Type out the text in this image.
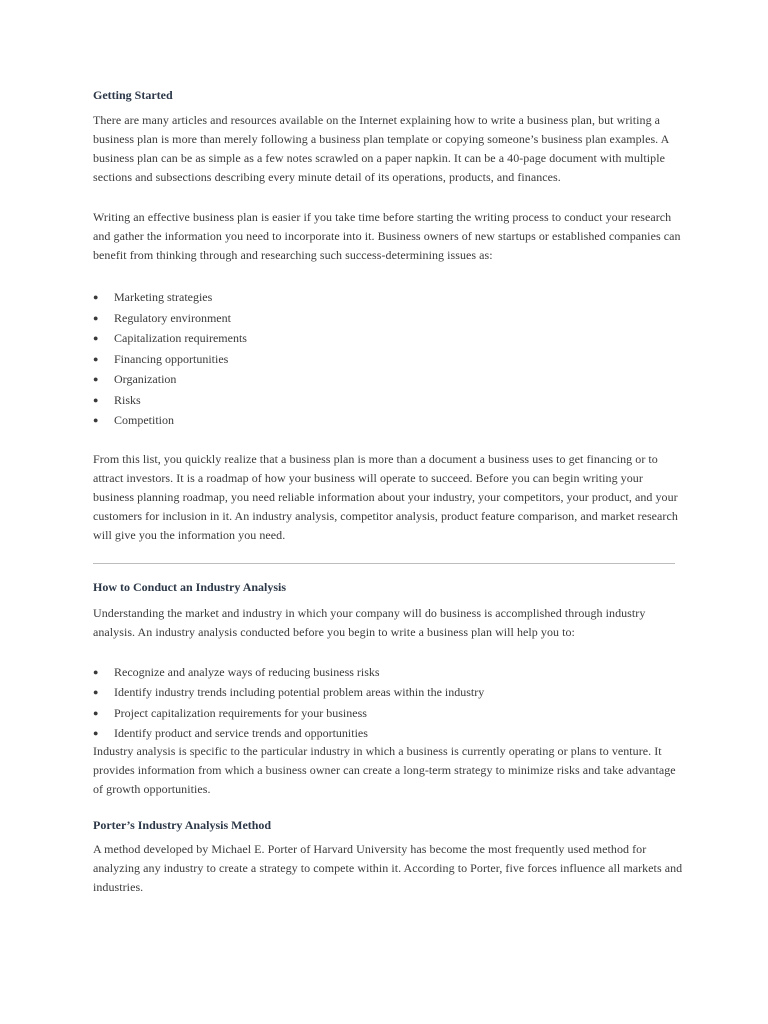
Getting Started

There are many articles and resources available on the Internet explaining how to write a business plan, but writing a business plan is more than merely following a business plan template or copying someone’s business plan examples. A business plan can be as simple as a few notes scrawled on a paper napkin. It can be a 40-page document with multiple sections and subsections describing every minute detail of its operations, products, and finances.

Writing an effective business plan is easier if you take time before starting the writing process to conduct your research and gather the information you need to incorporate into it. Business owners of new startups or established companies can benefit from thinking through and researching such success-determining issues as:

● Marketing strategies
● Regulatory environment
● Capitalization requirements
● Financing opportunities
● Organization
● Risks
● Competition

From this list, you quickly realize that a business plan is more than a document a business uses to get financing or to attract investors. It is a roadmap of how your business will operate to succeed. Before you can begin writing your business planning roadmap, you need reliable information about your industry, your competitors, your product, and your customers for inclusion in it. An industry analysis, competitor analysis, product feature comparison, and market research will give you the information you need.

How to Conduct an Industry Analysis

Understanding the market and industry in which your company will do business is accomplished through industry analysis. An industry analysis conducted before you begin to write a business plan will help you to:

● Recognize and analyze ways of reducing business risks
● Identify industry trends including potential problem areas within the industry
● Project capitalization requirements for your business
● Identify product and service trends and opportunities

Industry analysis is specific to the particular industry in which a business is currently operating or plans to venture. It provides information from which a business owner can create a long-term strategy to minimize risks and take advantage of growth opportunities.

Porter’s Industry Analysis Method

A method developed by Michael E. Porter of Harvard University has become the most frequently used method for analyzing any industry to create a strategy to compete within it. According to Porter, five forces influence all markets and industries.
